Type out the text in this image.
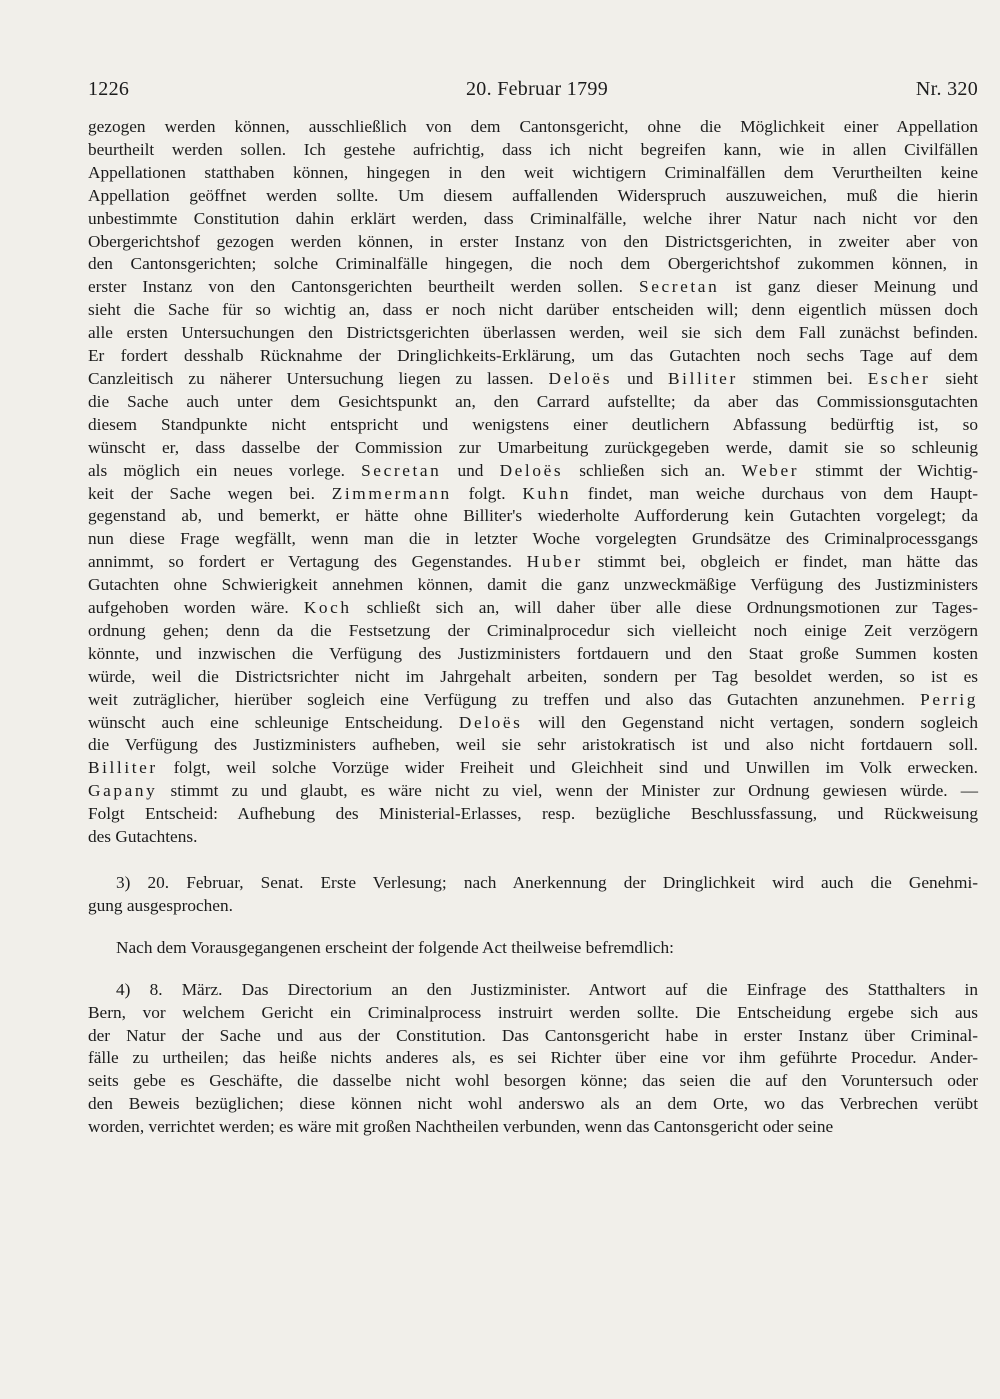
1226	20. Februar 1799	Nr. 320
gezogen werden können, ausschließlich von dem Cantonsgericht, ohne die Möglichkeit einer Appellation
beurtheilt werden sollen. Ich gestehe aufrichtig, dass ich nicht begreifen kann, wie in allen Civilfällen
Appellationen statthaben können, hingegen in den weit wichtigern Criminalfällen dem Verurtheilten keine
Appellation geöffnet werden sollte. Um diesem auffallenden Widerspruch auszuweichen, muß die hierin
unbestimmte Constitution dahin erklärt werden, dass Criminalfälle, welche ihrer Natur nach nicht vor den
Obergerichtshof gezogen werden können, in erster Instanz von den Districtsgerichten, in zweiter aber von
den Cantonsgerichten; solche Criminalfälle hingegen, die noch dem Obergerichtshof zukommen können, in
erster Instanz von den Cantonsgerichten beurtheilt werden sollen. Secretan ist ganz dieser Meinung und
sieht die Sache für so wichtig an, dass er noch nicht darüber entscheiden will; denn eigentlich müssen doch
alle ersten Untersuchungen den Districtsgerichten überlassen werden, weil sie sich dem Fall zunächst befinden.
Er fordert desshalb Rücknahme der Dringlichkeits-Erklärung, um das Gutachten noch sechs Tage auf dem
Canzleitisch zu näherer Untersuchung liegen zu lassen. Deloës und Billiter stimmen bei. Escher sieht
die Sache auch unter dem Gesichtspunkt an, den Carrard aufstellte; da aber das Commissionsgutachten
diesem Standpunkte nicht entspricht und wenigstens einer deutlichern Abfassung bedürftig ist, so
wünscht er, dass dasselbe der Commission zur Umarbeitung zurückgegeben werde, damit sie so schleunig
als möglich ein neues vorlege. Secretan und Deloës schließen sich an. Weber stimmt der Wichtig-
keit der Sache wegen bei. Zimmermann folgt. Kuhn findet, man weiche durchaus von dem Haupt-
gegenstand ab, und bemerkt, er hätte ohne Billiter's wiederholte Aufforderung kein Gutachten vorgelegt; da
nun diese Frage wegfällt, wenn man die in letzter Woche vorgelegten Grundsätze des Criminalprocessgangs
annimmt, so fordert er Vertagung des Gegenstandes. Huber stimmt bei, obgleich er findet, man hätte das
Gutachten ohne Schwierigkeit annehmen können, damit die ganz unzweckmäßige Verfügung des Justizministers
aufgehoben worden wäre. Koch schließt sich an, will daher über alle diese Ordnungsmotionen zur Tages-
ordnung gehen; denn da die Festsetzung der Criminalprocedur sich vielleicht noch einige Zeit verzögern
könnte, und inzwischen die Verfügung des Justizministers fortdauern und den Staat große Summen kosten
würde, weil die Districtsrichter nicht im Jahrgehalt arbeiten, sondern per Tag besoldet werden, so ist es
weit zuträglicher, hierüber sogleich eine Verfügung zu treffen und also das Gutachten anzunehmen. Perrig
wünscht auch eine schleunige Entscheidung. Deloës will den Gegenstand nicht vertagen, sondern sogleich
die Verfügung des Justizministers aufheben, weil sie sehr aristokratisch ist und also nicht fortdauern soll.
Billiter folgt, weil solche Vorzüge wider Freiheit und Gleichheit sind und Unwillen im Volk erwecken.
Gapany stimmt zu und glaubt, es wäre nicht zu viel, wenn der Minister zur Ordnung gewiesen würde. —
Folgt Entscheid: Aufhebung des Ministerial-Erlasses, resp. bezügliche Beschlussfassung, und Rückweisung
des Gutachtens.
3) 20. Februar, Senat. Erste Verlesung; nach Anerkennung der Dringlichkeit wird auch die Genehmi-
gung ausgesprochen.
Nach dem Vorausgegangenen erscheint der folgende Act theilweise befremdlich:
4) 8. März. Das Directorium an den Justizminister. Antwort auf die Einfrage des Statthalters in
Bern, vor welchem Gericht ein Criminalprocess instruirt werden sollte. Die Entscheidung ergebe sich aus
der Natur der Sache und aus der Constitution. Das Cantonsgericht habe in erster Instanz über Criminal-
fälle zu urtheilen; das heiße nichts anderes als, es sei Richter über eine vor ihm geführte Procedur. Ander-
seits gebe es Geschäfte, die dasselbe nicht wohl besorgen könne; das seien die auf den Voruntersuch oder
den Beweis bezüglichen; diese können nicht wohl anderswo als an dem Orte, wo das Verbrechen verübt
worden, verrichtet werden; es wäre mit großen Nachtheilen verbunden, wenn das Cantonsgericht oder seine
